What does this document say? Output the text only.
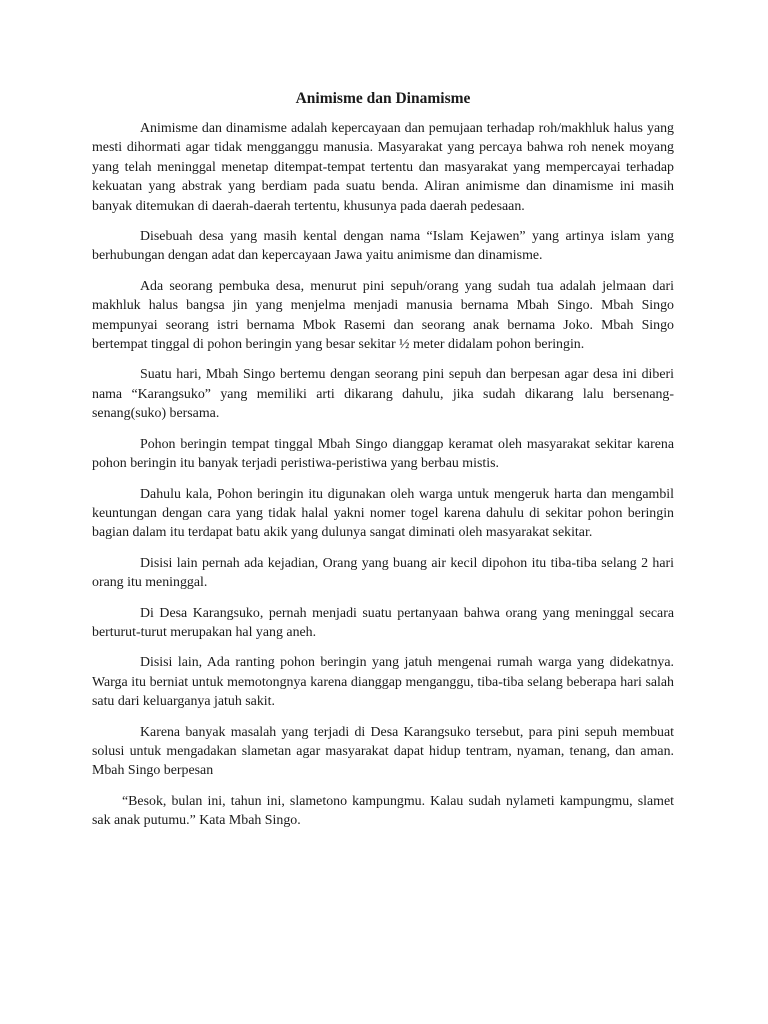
Animisme dan Dinamisme

Animisme dan dinamisme adalah kepercayaan dan pemujaan terhadap roh/makhluk halus yang mesti dihormati agar tidak mengganggu manusia. Masyarakat yang percaya bahwa roh nenek moyang yang telah meninggal menetap ditempat-tempat tertentu dan masyarakat yang mempercayai terhadap kekuatan yang abstrak yang berdiam pada suatu benda. Aliran animisme dan dinamisme ini masih banyak ditemukan di daerah-daerah tertentu, khusunya pada daerah pedesaan.

Disebuah desa yang masih kental dengan nama “Islam Kejawen” yang artinya islam yang berhubungan dengan adat dan kepercayaan Jawa yaitu animisme dan dinamisme.

Ada seorang pembuka desa, menurut pini sepuh/orang yang sudah tua adalah jelmaan dari makhluk halus bangsa jin yang menjelma menjadi manusia bernama Mbah Singo. Mbah Singo mempunyai seorang istri bernama Mbok Rasemi dan seorang anak bernama Joko. Mbah Singo bertempat tinggal di pohon beringin yang besar sekitar ½ meter didalam pohon beringin.

Suatu hari, Mbah Singo bertemu dengan seorang pini sepuh dan berpesan agar desa ini diberi nama “Karangsuko” yang memiliki arti dikarang dahulu, jika sudah dikarang lalu bersenang-senang(suko) bersama.

Pohon beringin tempat tinggal Mbah Singo dianggap keramat oleh masyarakat sekitar karena pohon beringin itu banyak terjadi peristiwa-peristiwa yang berbau mistis.

Dahulu kala, Pohon beringin itu digunakan oleh warga untuk mengeruk harta dan mengambil keuntungan dengan cara yang tidak halal yakni nomer togel karena dahulu di sekitar pohon beringin bagian dalam itu terdapat batu akik yang dulunya sangat diminati oleh masyarakat sekitar.

Disisi lain pernah ada kejadian, Orang yang buang air kecil dipohon itu tiba-tiba selang 2 hari orang itu meninggal.

Di Desa Karangsuko, pernah menjadi suatu pertanyaan bahwa orang yang meninggal secara berturut-turut merupakan hal yang aneh.

Disisi lain, Ada ranting pohon beringin yang jatuh mengenai rumah warga yang didekatnya. Warga itu berniat untuk memotongnya karena dianggap menganggu, tiba-tiba selang beberapa hari salah satu dari keluarganya jatuh sakit.

Karena banyak masalah yang terjadi di Desa Karangsuko tersebut, para pini sepuh membuat solusi untuk mengadakan slametan agar masyarakat dapat hidup tentram, nyaman, tenang, dan aman. Mbah Singo berpesan

“Besok, bulan ini, tahun ini, slametono kampungmu. Kalau sudah nylameti kampungmu, slamet sak anak putumu.” Kata Mbah Singo.
